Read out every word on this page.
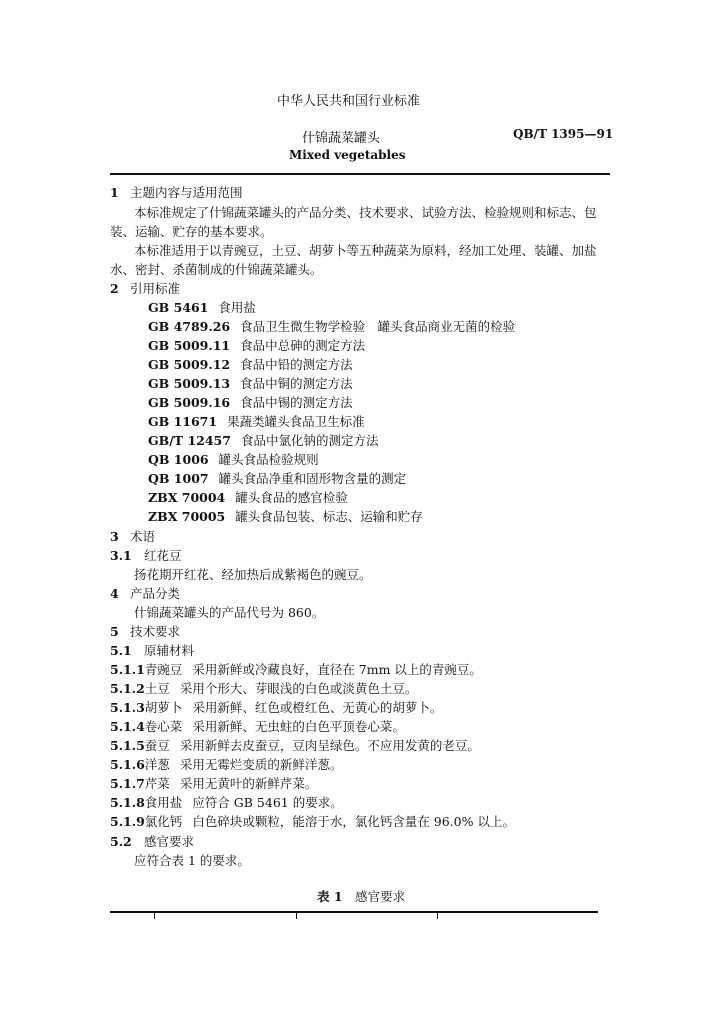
中华人民共和国行业标准
什锦蔬菜罐头	QB/T 1395—91
Mixed vegetables
1 主题内容与适用范围
本标准规定了什锦蔬菜罐头的产品分类、技术要求、试验方法、检验规则和标志、包
装、运输、贮存的基本要求。
本标准适用于以青豌豆，土豆、胡萝卜等五种蔬菜为原料，经加工处理、装罐、加盐
水、密封、杀菌制成的什锦蔬菜罐头。
2 引用标准
GB 5461 食用盐
GB 4789.26 食品卫生微生物学检验　罐头食品商业无菌的检验
GB 5009.11 食品中总砷的测定方法
GB 5009.12 食品中铅的测定方法
GB 5009.13 食品中铜的测定方法
GB 5009.16 食品中锡的测定方法
GB 11671 果蔬类罐头食品卫生标准
GB/T 12457 食品中氯化钠的测定方法
QB 1006 罐头食品检验规则
QB 1007 罐头食品净重和固形物含量的测定
ZBX 70004 罐头食品的感官检验
ZBX 70005 罐头食品包装、标志、运输和贮存
3 术语
3.1 红花豆
扬花期开红花、经加热后成紫褐色的豌豆。
4 产品分类
什锦蔬菜罐头的产品代号为 860。
5 技术要求
5.1 原辅材料
5.1.1青豌豆 采用新鲜或冷藏良好，直径在 7mm 以上的青豌豆。
5.1.2土豆 采用个形大、芽眼浅的白色或淡黄色土豆。
5.1.3胡萝卜 采用新鲜、红色或橙红色、无黄心的胡萝卜。
5.1.4卷心菜 采用新鲜、无虫蛀的白色平顶卷心菜。
5.1.5蚕豆 采用新鲜去皮蚕豆，豆肉呈绿色。不应用发黄的老豆。
5.1.6洋葱 采用无霉烂变质的新鲜洋葱。
5.1.7芹菜 采用无黄叶的新鲜芹菜。
5.1.8食用盐 应符合 GB 5461 的要求。
5.1.9氯化钙 白色碎块或颗粒，能溶于水，氯化钙含量在 96.0% 以上。
5.2 感官要求
应符合表 1 的要求。
表 1　 感官要求
